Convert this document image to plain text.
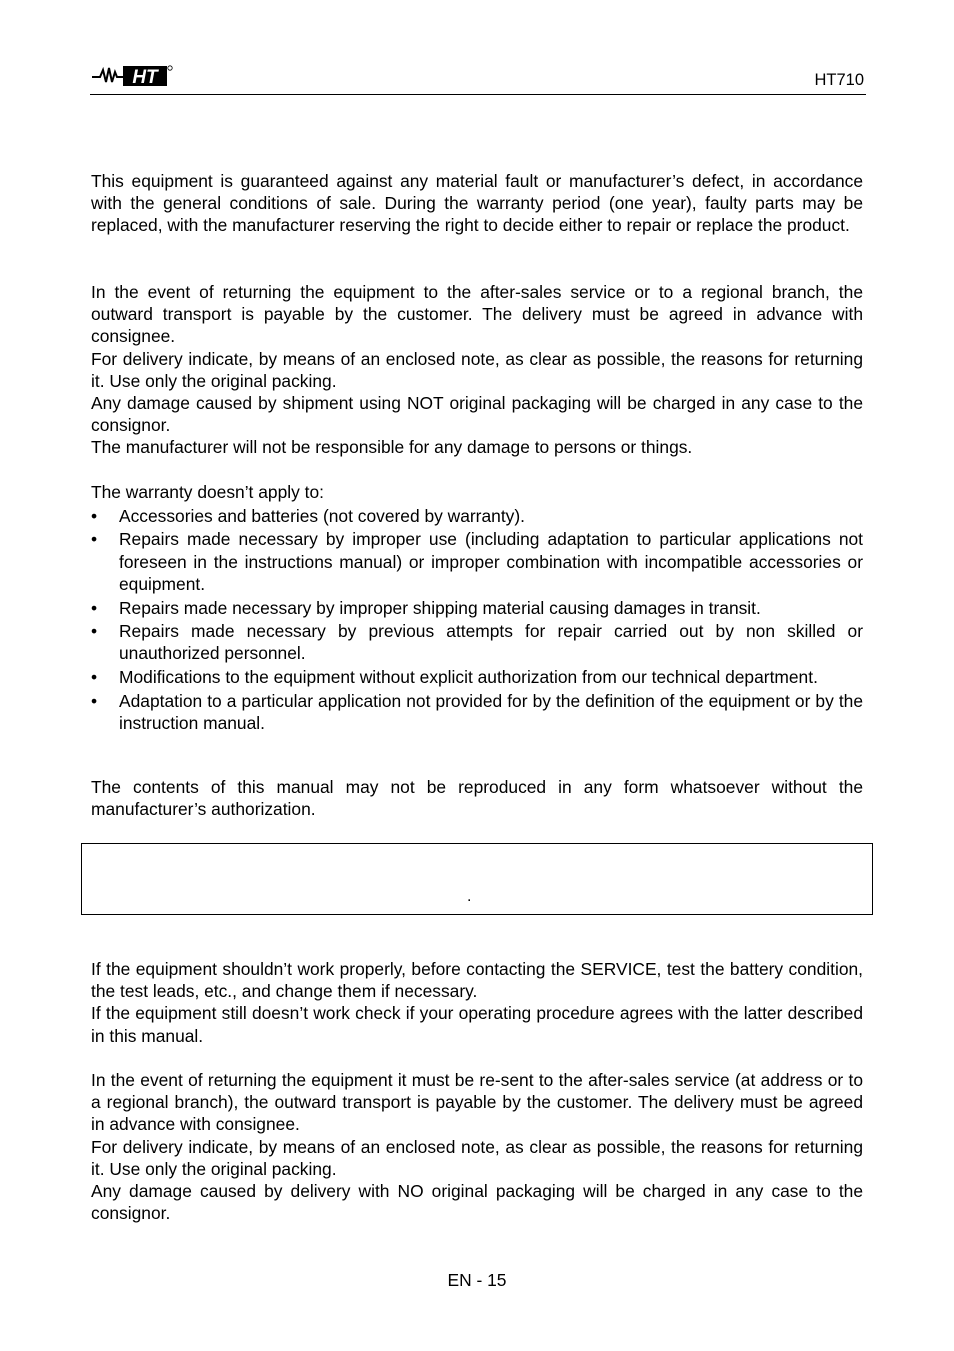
HT	HT710

This equipment is guaranteed against any material fault or manufacturer’s defect, in accordance with the general conditions of sale. During the warranty period (one year), faulty parts may be replaced, with the manufacturer reserving the right to decide either to repair or replace the product.

In the event of returning the equipment to the after-sales service or to a regional branch, the outward transport is payable by the customer. The delivery must be agreed in advance with consignee.

For delivery indicate, by means of an enclosed note, as clear as possible, the reasons for returning it. Use only the original packing.

Any damage caused by shipment using NOT original packaging will be charged in any case to the consignor.

The manufacturer will not be responsible for any damage to persons or things.

The warranty doesn’t apply to:

• Accessories and batteries (not covered by warranty).
• Repairs made necessary by improper use (including adaptation to particular applications not foreseen in the instructions manual) or improper combination with incompatible accessories or equipment.
• Repairs made necessary by improper shipping material causing damages in transit.
• Repairs made necessary by previous attempts for repair carried out by non skilled or unauthorized personnel.
• Modifications to the equipment without explicit authorization from our technical department.
• Adaptation to a particular application not provided for by the definition of the equipment or by the instruction manual.

The contents of this manual may not be reproduced in any form whatsoever without the manufacturer’s authorization.

.

If the equipment shouldn’t work properly, before contacting the SERVICE, test the battery condition, the test leads, etc., and change them if necessary.

If the equipment still doesn’t work check if your operating procedure agrees with the latter described in this manual.

In the event of returning the equipment it must be re-sent to the after-sales service (at address or to a regional branch), the outward transport is payable by the customer. The delivery must be agreed in advance with consignee.

For delivery indicate, by means of an enclosed note, as clear as possible, the reasons for returning it. Use only the original packing.

Any damage caused by delivery with NO original packaging will be charged in any case to the consignor.

EN - 15
